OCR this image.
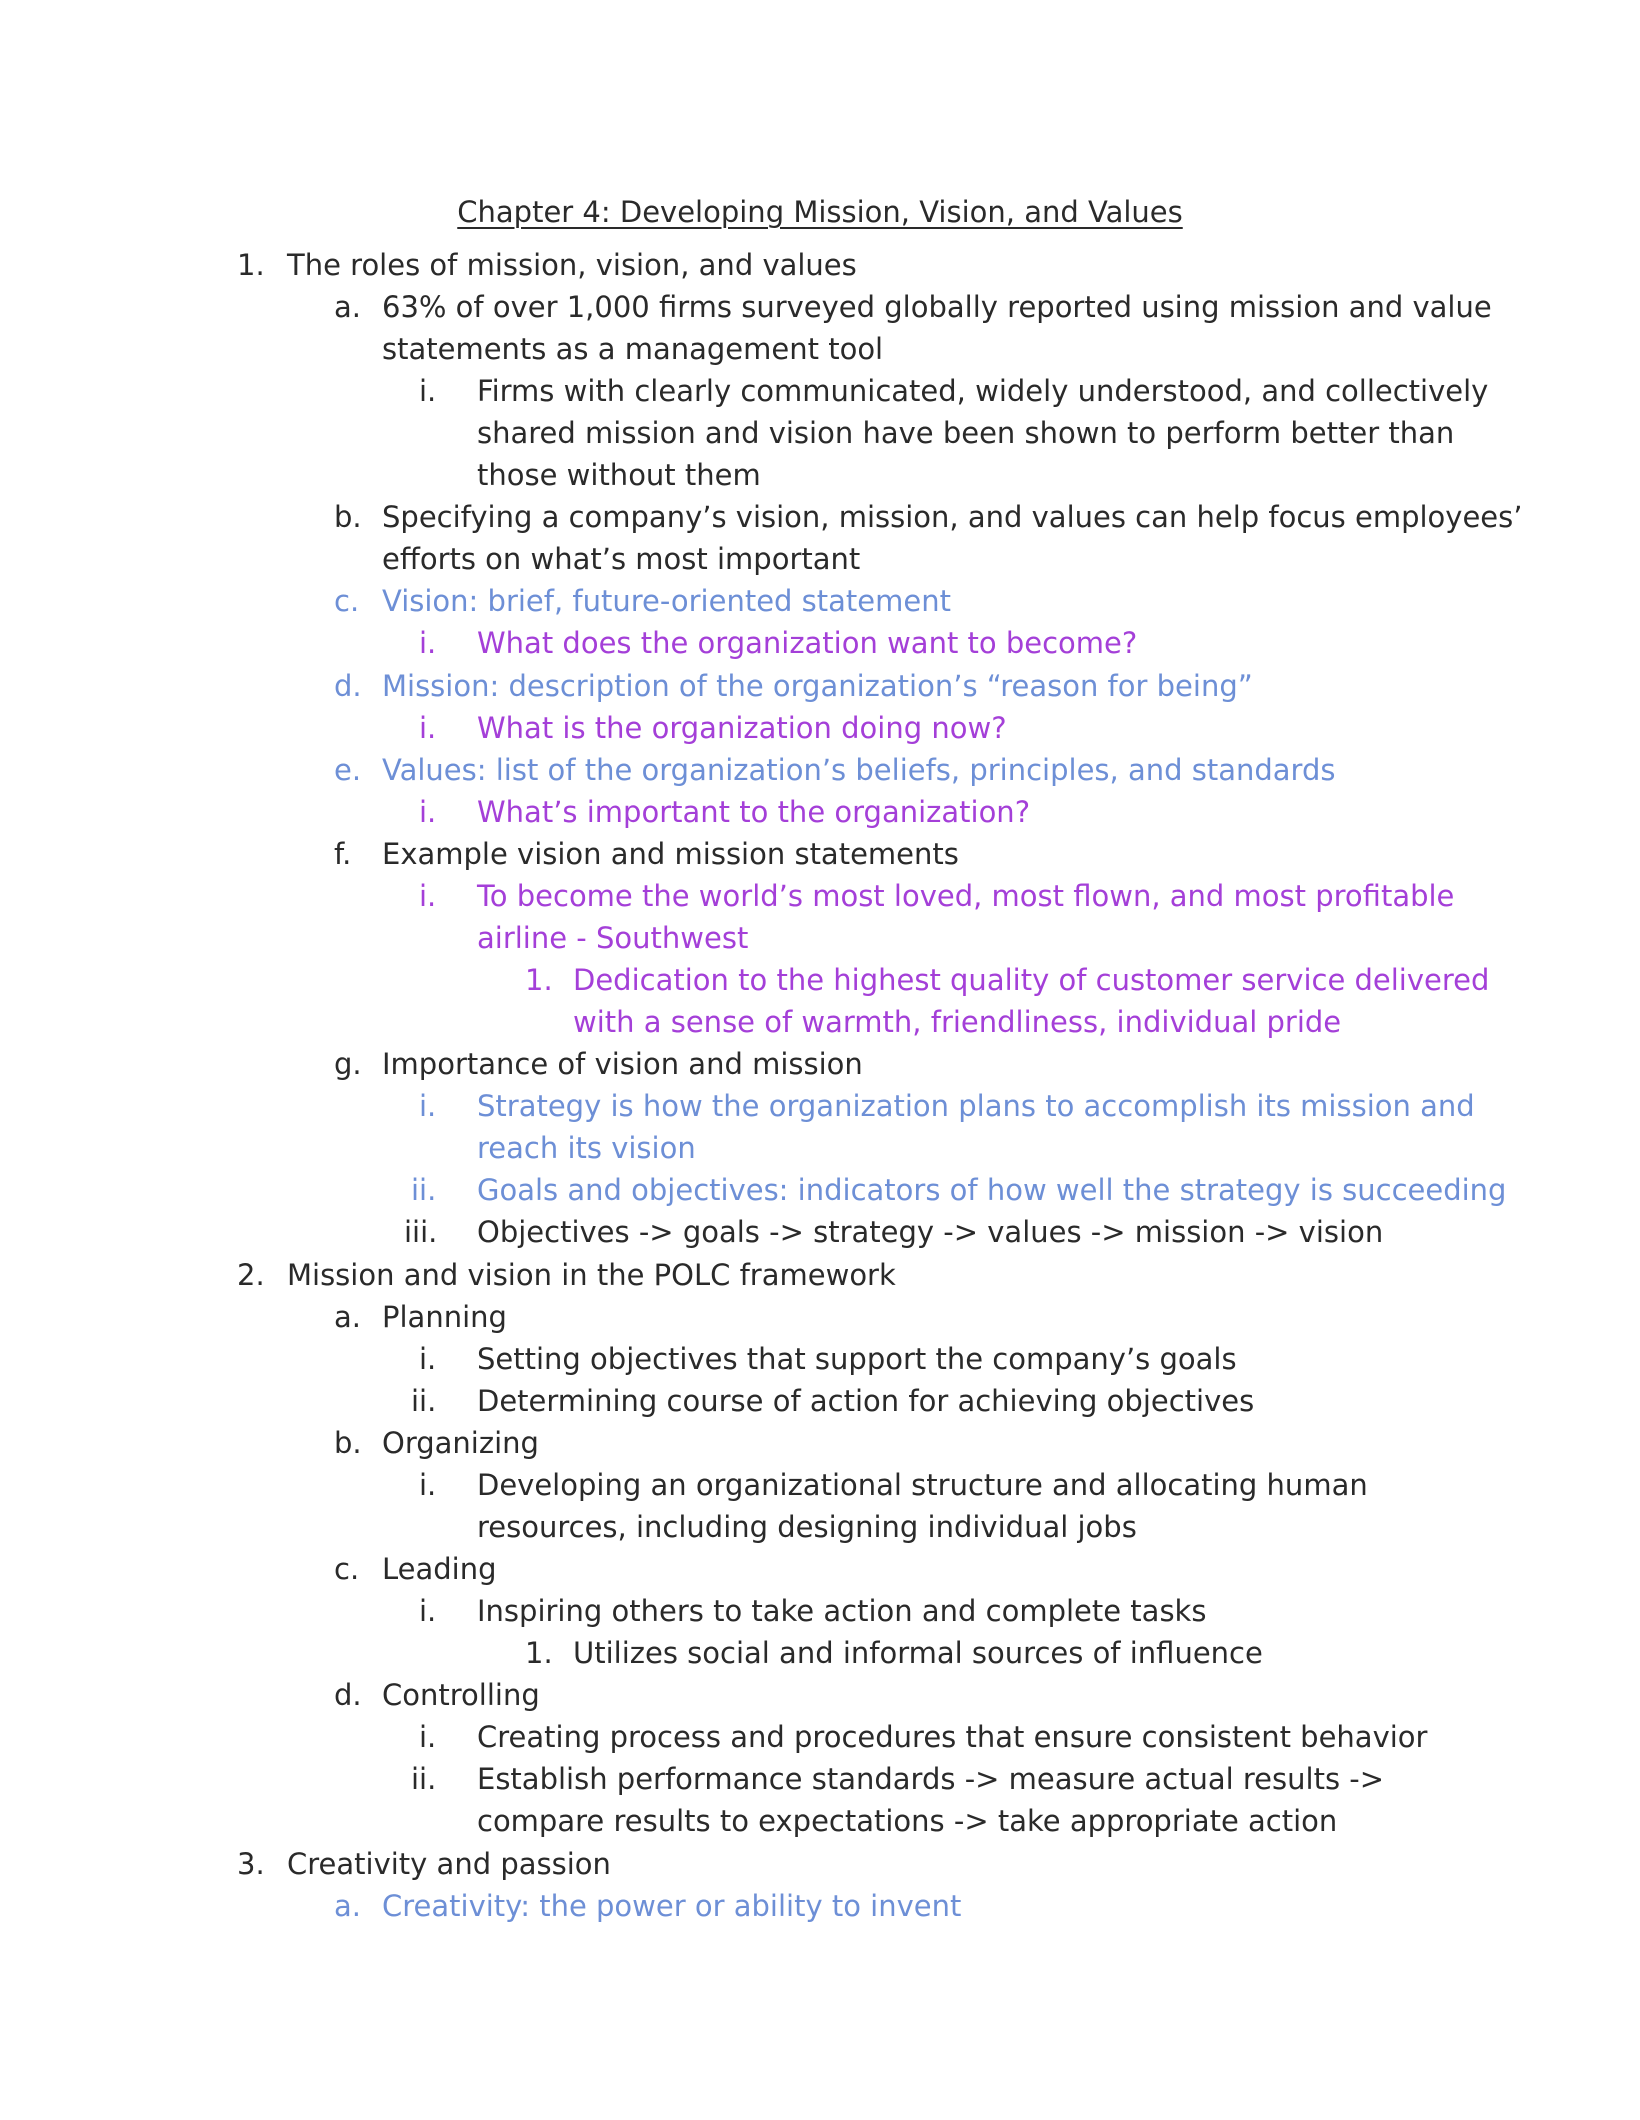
Chapter 4: Developing Mission, Vision, and Values
1. The roles of mission, vision, and values
a. 63% of over 1,000 firms surveyed globally reported using mission and value
statements as a management tool
i. Firms with clearly communicated, widely understood, and collectively
shared mission and vision have been shown to perform better than
those without them
b. Specifying a company’s vision, mission, and values can help focus employees’
efforts on what’s most important
c. Vision: brief, future-oriented statement
i. What does the organization want to become?
d. Mission: description of the organization’s “reason for being”
i. What is the organization doing now?
e. Values: list of the organization’s beliefs, principles, and standards
i. What’s important to the organization?
f. Example vision and mission statements
i. To become the world’s most loved, most flown, and most profitable
airline - Southwest
1. Dedication to the highest quality of customer service delivered
with a sense of warmth, friendliness, individual pride
g. Importance of vision and mission
i. Strategy is how the organization plans to accomplish its mission and
reach its vision
ii. Goals and objectives: indicators of how well the strategy is succeeding
iii. Objectives -> goals -> strategy -> values -> mission -> vision
2. Mission and vision in the POLC framework
a. Planning
i. Setting objectives that support the company’s goals
ii. Determining course of action for achieving objectives
b. Organizing
i. Developing an organizational structure and allocating human
resources, including designing individual jobs
c. Leading
i. Inspiring others to take action and complete tasks
1. Utilizes social and informal sources of influence
d. Controlling
i. Creating process and procedures that ensure consistent behavior
ii. Establish performance standards -> measure actual results ->
compare results to expectations -> take appropriate action
3. Creativity and passion
a. Creativity: the power or ability to invent
